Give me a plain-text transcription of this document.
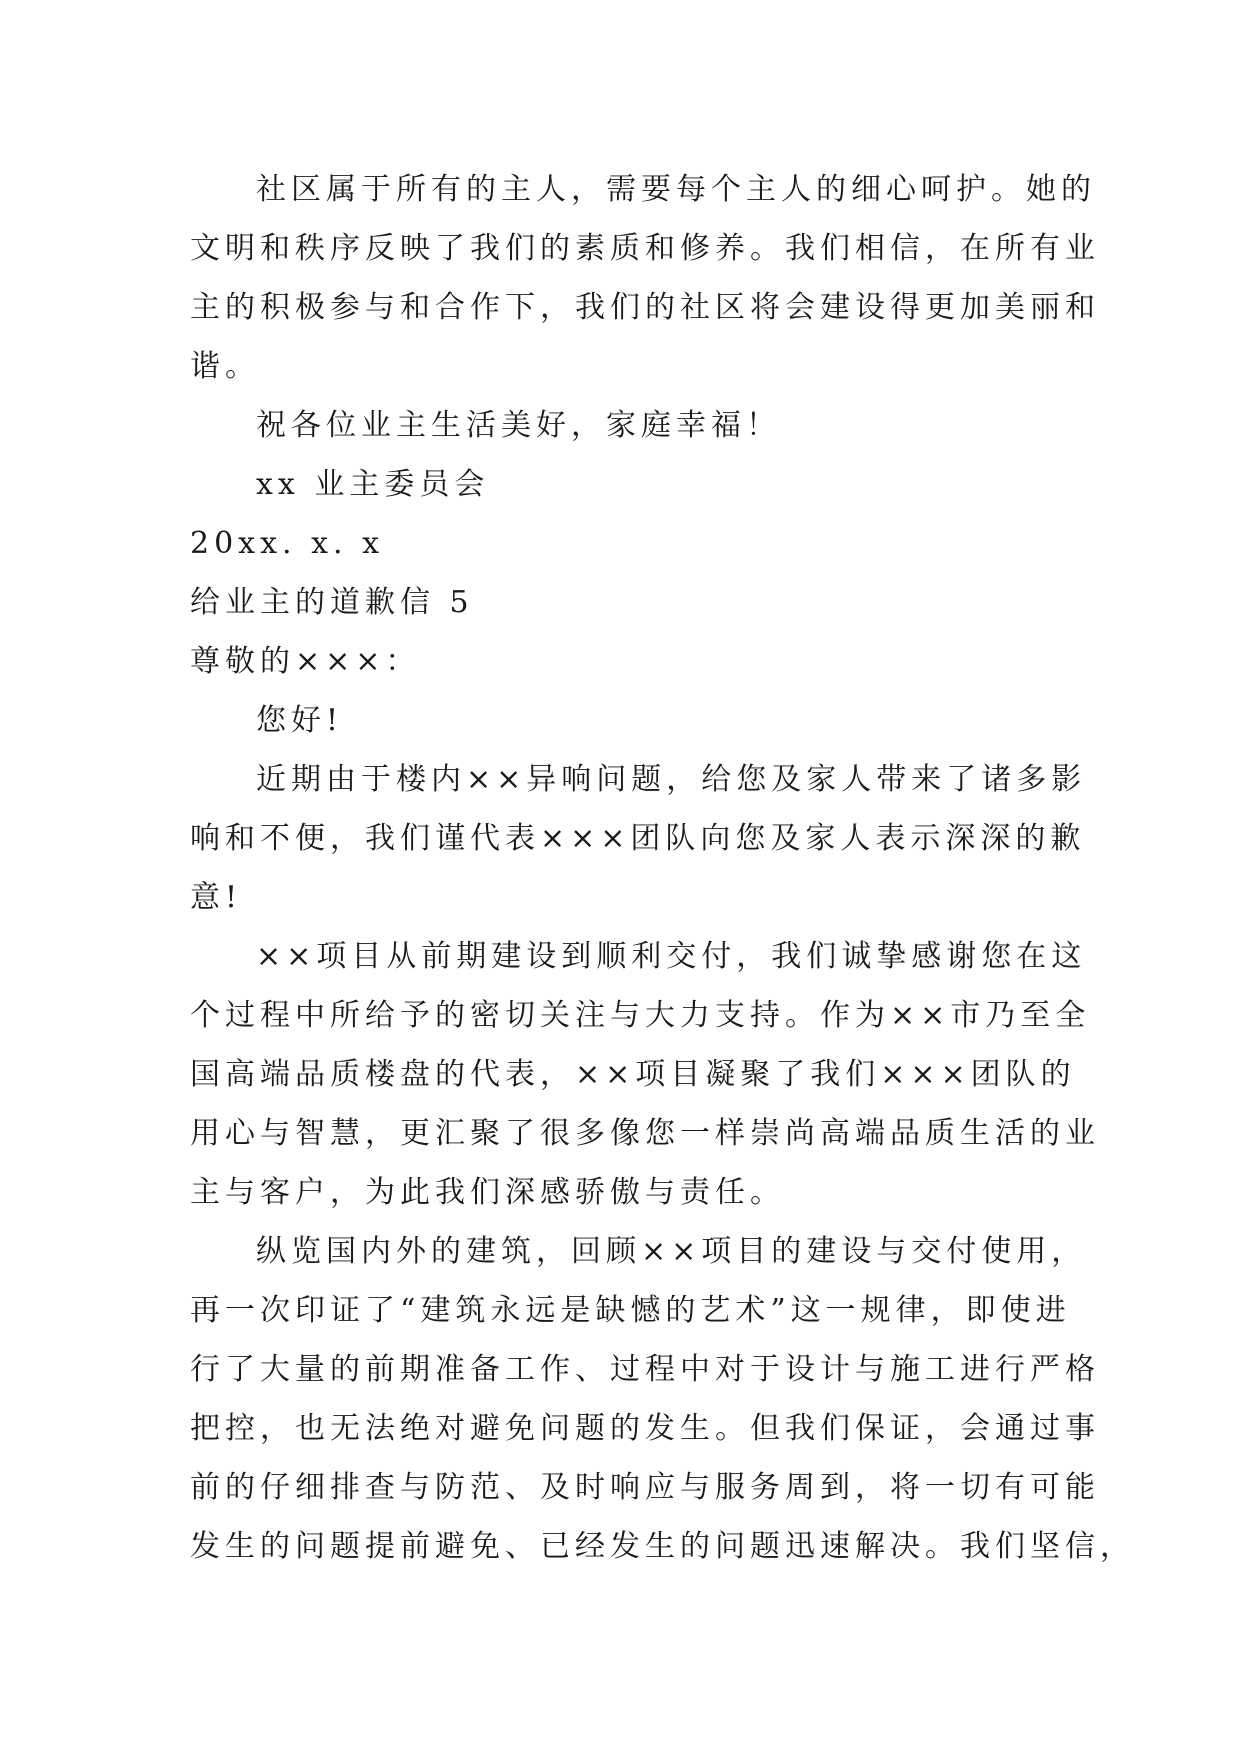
社区属于所有的主人，需要每个主人的细心呵护。她的
文明和秩序反映了我们的素质和修养。我们相信，在所有业
主的积极参与和合作下，我们的社区将会建设得更加美丽和
谐。
祝各位业主生活美好，家庭幸福！
xx 业主委员会
20xx. x. x
给业主的道歉信 5
尊敬的×××：
您好!
近期由于楼内××异响问题，给您及家人带来了诸多影
响和不便，我们谨代表×××团队向您及家人表示深深的歉
意!
××项目从前期建设到顺利交付，我们诚挚感谢您在这
个过程中所给予的密切关注与大力支持。作为××市乃至全
国高端品质楼盘的代表，××项目凝聚了我们×××团队的
用心与智慧，更汇聚了很多像您一样崇尚高端品质生活的业
主与客户，为此我们深感骄傲与责任。
纵览国内外的建筑，回顾××项目的建设与交付使用，
再一次印证了“建筑永远是缺憾的艺术”这一规律，即使进
行了大量的前期准备工作、过程中对于设计与施工进行严格
把控，也无法绝对避免问题的发生。但我们保证，会通过事
前的仔细排查与防范、及时响应与服务周到，将一切有可能
发生的问题提前避免、已经发生的问题迅速解决。我们坚信，
